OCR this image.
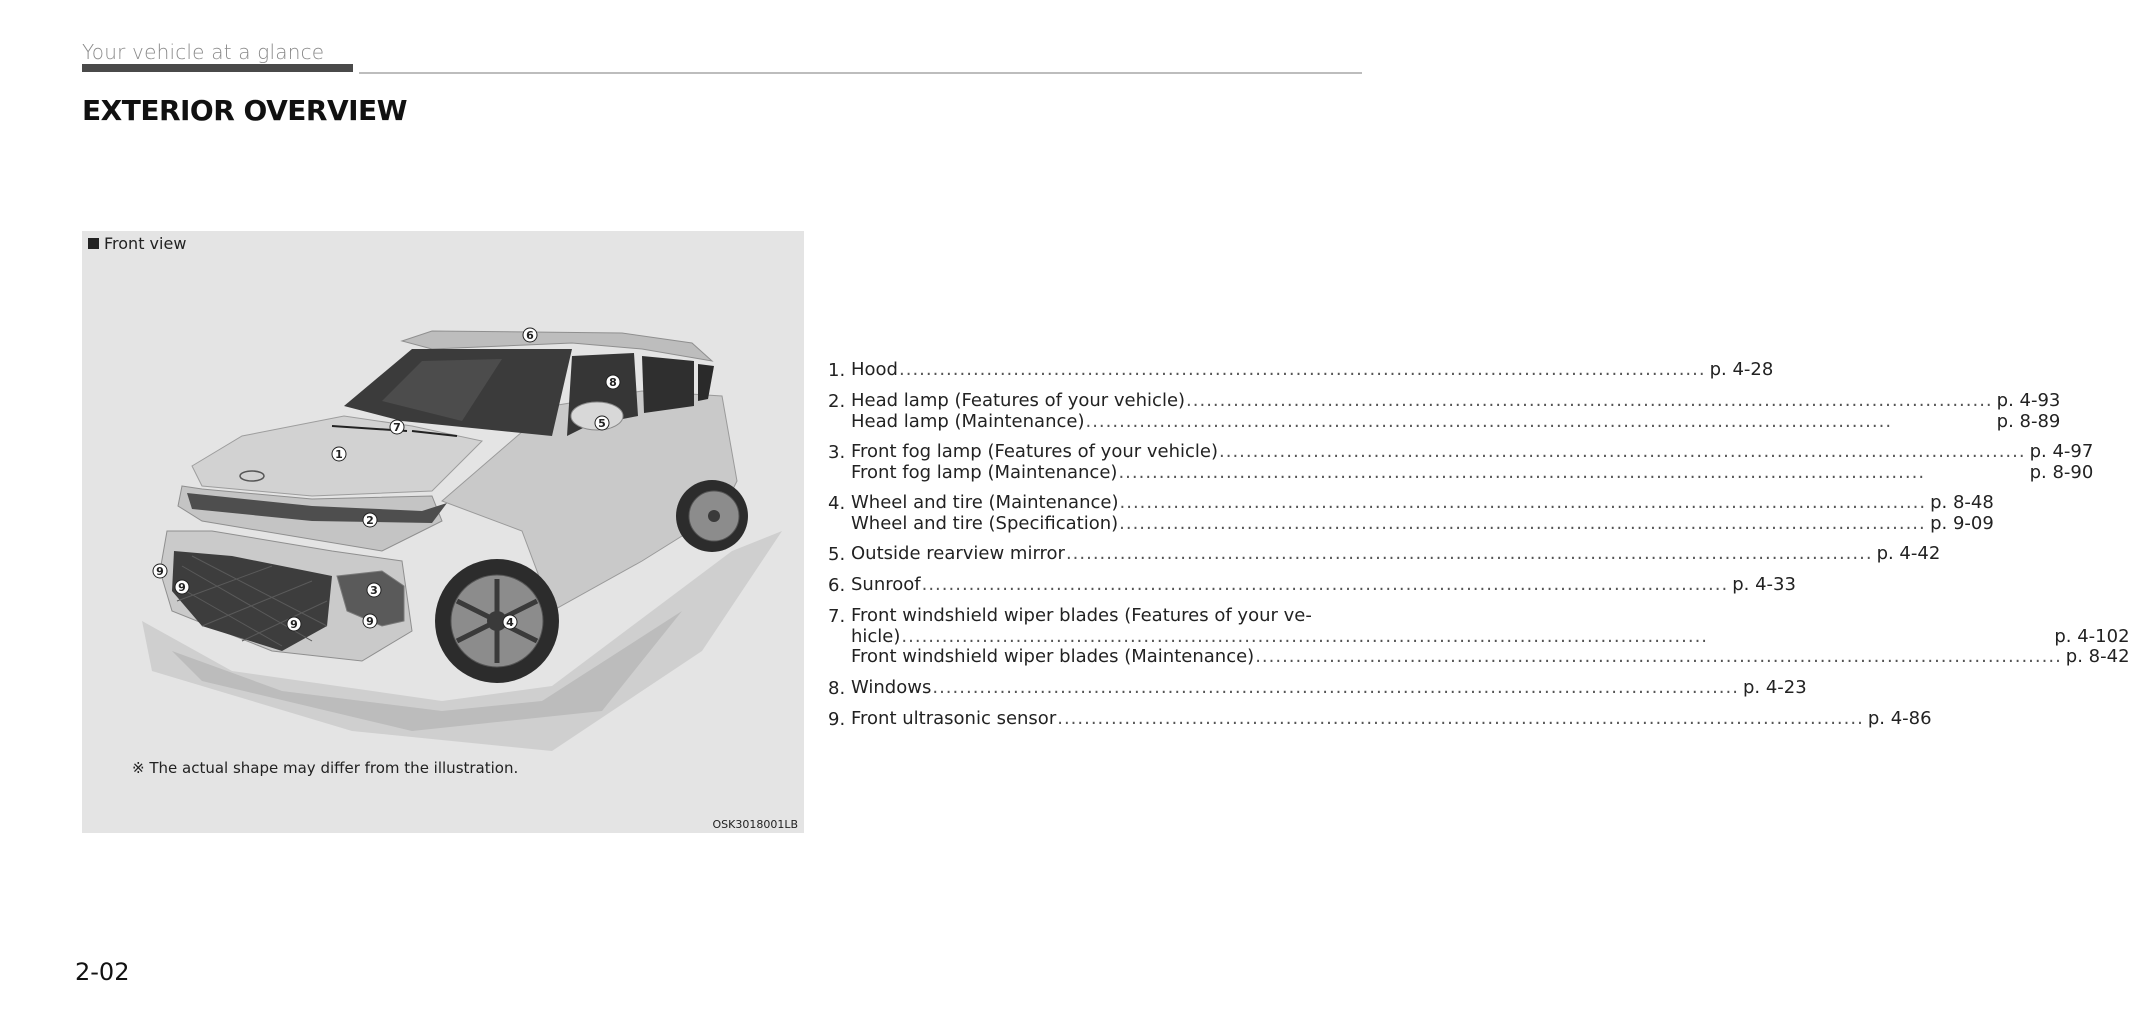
Your vehicle at a glance
EXTERIOR OVERVIEW
Front view
1
2
3
4
5
6
7
8
9
9
9	9
※ The actual shape may differ from the illustration.
OSK3018001LB
1. Hood .....	p. 4-28
2. Head lamp (Features of your vehicle) .....	p. 4-93
Head lamp (Maintenance) .....	p. 8-89
3. Front fog lamp (Features of your vehicle) .....	p. 4-97
Front fog lamp (Maintenance) .....	p. 8-90
4. Wheel and tire (Maintenance) .....	p. 8-48
Wheel and tire (Specification) .....	p. 9-09
5. Outside rearview mirror .....	p. 4-42
6. Sunroof .....	p. 4-33
7. Front windshield wiper blades (Features of your ve-
hicle) .....	p. 4-102
Front windshield wiper blades (Maintenance) .....	p. 8-42
8. Windows .....	p. 4-23
9. Front ultrasonic sensor .....	p. 4-86
2-02
